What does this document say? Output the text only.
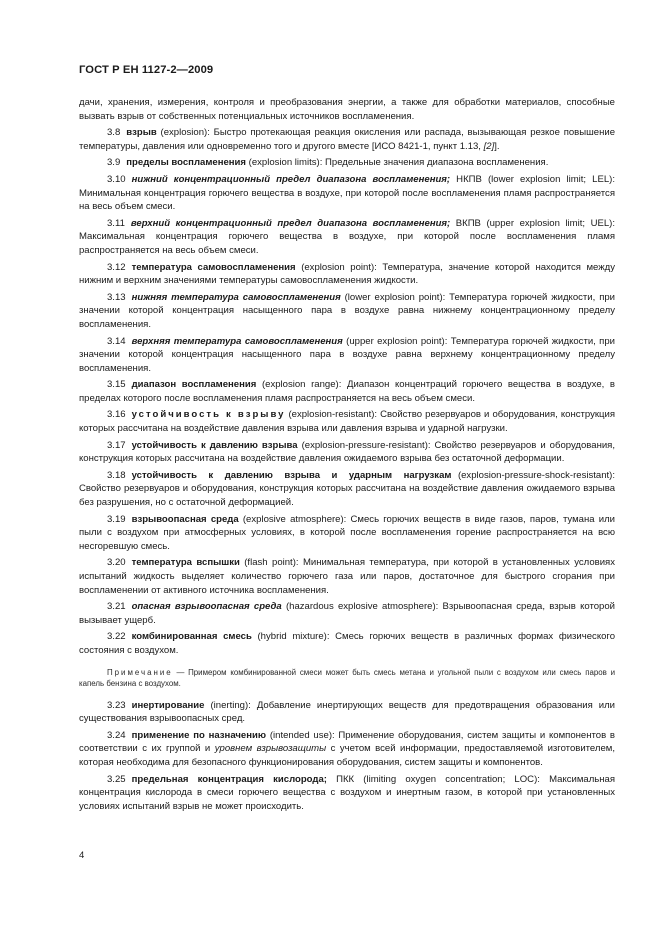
ГОСТ Р ЕН 1127-2—2009

дачи, хранения, измерения, контроля и преобразования энергии, а также для обработки материалов, способные вызвать взрыв от собственных потенциальных источников воспламенения.

3.8 взрыв (explosion): Быстро протекающая реакция окисления или распада, вызывающая резкое повышение температуры, давления или одновременно того и другого вместе [ИСО 8421-1, пункт 1.13, [2]].

3.9 пределы воспламенения (explosion limits): Предельные значения диапазона воспламенения.

3.10 нижний концентрационный предел диапазона воспламенения; НКПВ (lower explosion limit; LEL): Минимальная концентрация горючего вещества в воздухе, при которой после воспламенения пламя распространяется на весь объем смеси.

3.11 верхний концентрационный предел диапазона воспламенения; ВКПВ (upper explosion limit; UEL): Максимальная концентрация горючего вещества в воздухе, при которой после воспламенения пламя распространяется на весь объем смеси.

3.12 температура самовоспламенения (explosion point): Температура, значение которой находится между нижним и верхним значениями температуры самовоспламенения жидкости.

3.13 нижняя температура самовоспламенения (lower explosion point): Температура горючей жидкости, при значении которой концентрация насыщенного пара в воздухе равна нижнему концентрационному пределу воспламенения.

3.14 верхняя температура самовоспламенения (upper explosion point): Температура горючей жидкости, при значении которой концентрация насыщенного пара в воздухе равна верхнему концентрационному пределу воспламенения.

3.15 диапазон воспламенения (explosion range): Диапазон концентраций горючего вещества в воздухе, в пределах которого после воспламенения пламя распространяется на весь объем смеси.

3.16 устойчивость к взрыву (explosion-resistant): Свойство резервуаров и оборудования, конструкция которых рассчитана на воздействие давления взрыва или давления взрыва и ударной нагрузки.

3.17 устойчивость к давлению взрыва (explosion-pressure-resistant): Свойство резервуаров и оборудования, конструкция которых рассчитана на воздействие давления ожидаемого взрыва без остаточной деформации.

3.18 устойчивость к давлению взрыва и ударным нагрузкам (explosion-pressure-shock-resistant): Свойство резервуаров и оборудования, конструкция которых рассчитана на воздействие давления ожидаемого взрыва без разрушения, но с остаточной деформацией.

3.19 взрывоопасная среда (explosive atmosphere): Смесь горючих веществ в виде газов, паров, тумана или пыли с воздухом при атмосферных условиях, в которой после воспламенения горение распространяется на всю несгоревшую смесь.

3.20 температура вспышки (flash point): Минимальная температура, при которой в установленных условиях испытаний жидкость выделяет количество горючего газа или паров, достаточное для быстрого сгорания при воспламенении от активного источника воспламенения.

3.21 опасная взрывоопасная среда (hazardous explosive atmosphere): Взрывоопасная среда, взрыв которой вызывает ущерб.

3.22 комбинированная смесь (hybrid mixture): Смесь горючих веществ в различных формах физического состояния с воздухом.

Примечание — Примером комбинированной смеси может быть смесь метана и угольной пыли с воздухом или смесь паров и капель бензина с воздухом.

3.23 инертирование (inerting): Добавление инертирующих веществ для предотвращения образования или существования взрывоопасных сред.

3.24 применение по назначению (intended use): Применение оборудования, систем защиты и компонентов в соответствии с их группой и уровнем взрывозащиты с учетом всей информации, предоставляемой изготовителем, которая необходима для безопасного функционирования оборудования, систем защиты и компонентов.

3.25 предельная концентрация кислорода; ПКК (limiting oxygen concentration; LOC): Максимальная концентрация кислорода в смеси горючего вещества с воздухом и инертным газом, в которой при установленных условиях испытаний взрыв не может происходить.

4
